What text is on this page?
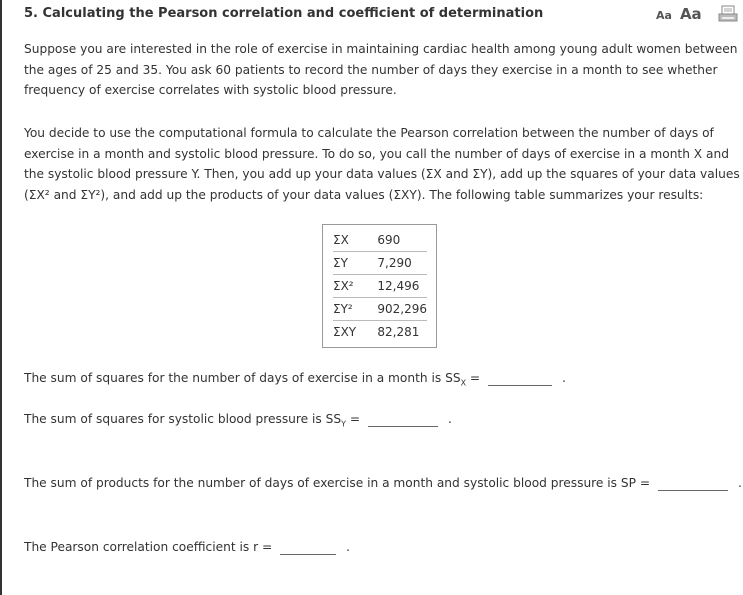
5. Calculating the Pearson correlation and coefficient of determination	Aa Aa
Suppose you are interested in the role of exercise in maintaining cardiac health among young adult women between the ages of 25 and 35. You ask 60 patients to record the number of days they exercise in a month to see whether frequency of exercise correlates with systolic blood pressure.
You decide to use the computational formula to calculate the Pearson correlation between the number of days of exercise in a month and systolic blood pressure. To do so, you call the number of days of exercise in a month X and the systolic blood pressure Y. Then, you add up your data values (ΣX and ΣY), add up the squares of your data values (ΣX² and ΣY²), and add up the products of your data values (ΣXY). The following table summarizes your results:
ΣX	690
ΣY	7,290
ΣX²	12,496
ΣY²	902,296
ΣXY	82,281
The sum of squares for the number of days of exercise in a month is $SS_X$ =	.
The sum of squares for systolic blood pressure is $SS_Y$ =	.
The sum of products for the number of days of exercise in a month and systolic blood pressure is SP =	.
The Pearson correlation coefficient is r =	.
